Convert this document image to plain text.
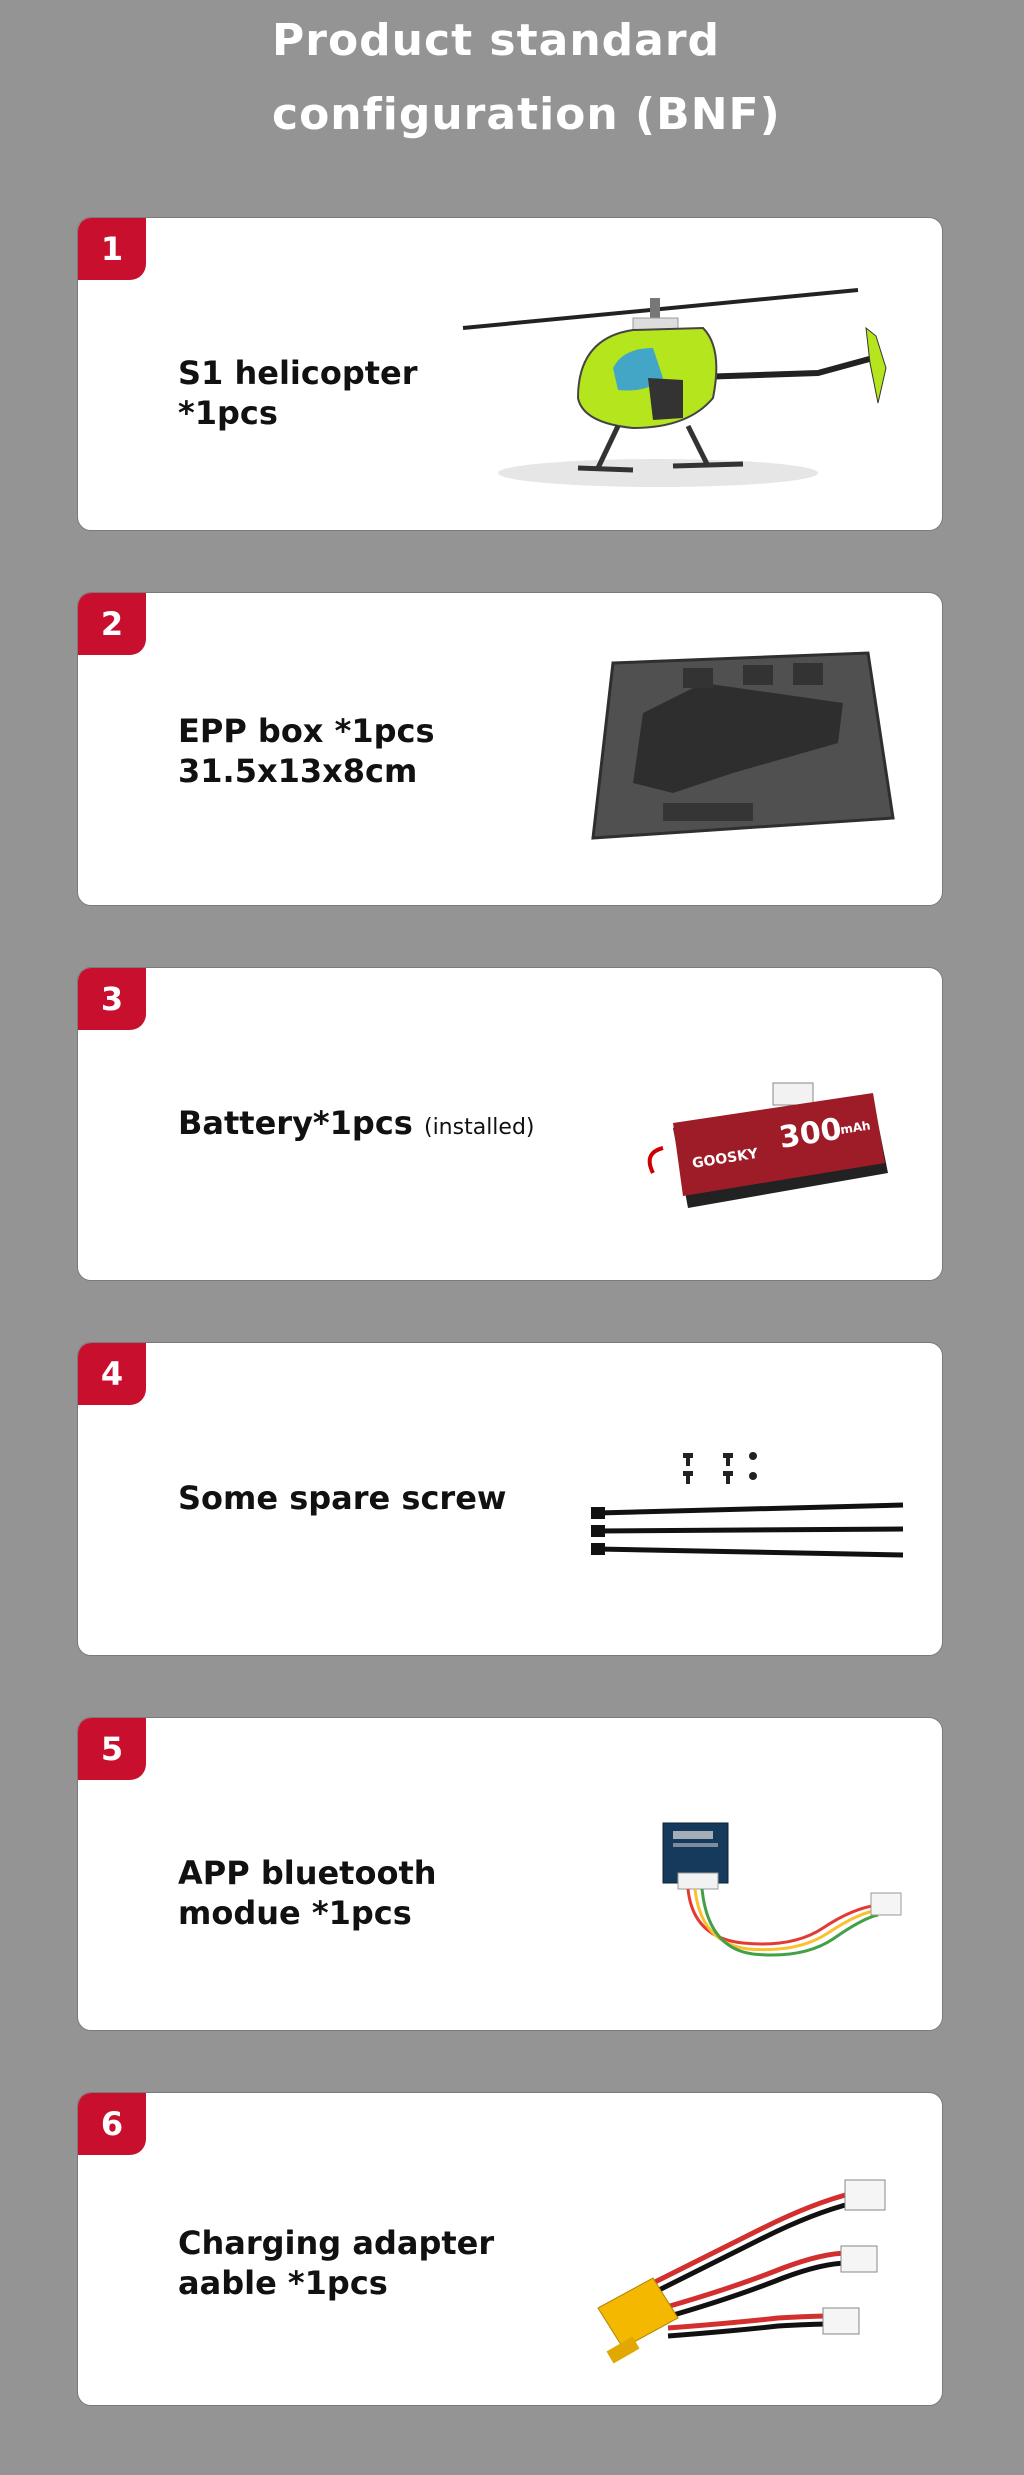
Product standard
configuration (BNF)
1
S1 helicopter
*1pcs
2
EPP box *1pcs
31.5x13x8cm
3
Battery*1pcs (installed)
GOOSKY
300
mAh
4
Some spare screw
5
APP bluetooth
modue *1pcs
6
Charging adapter
aable *1pcs
